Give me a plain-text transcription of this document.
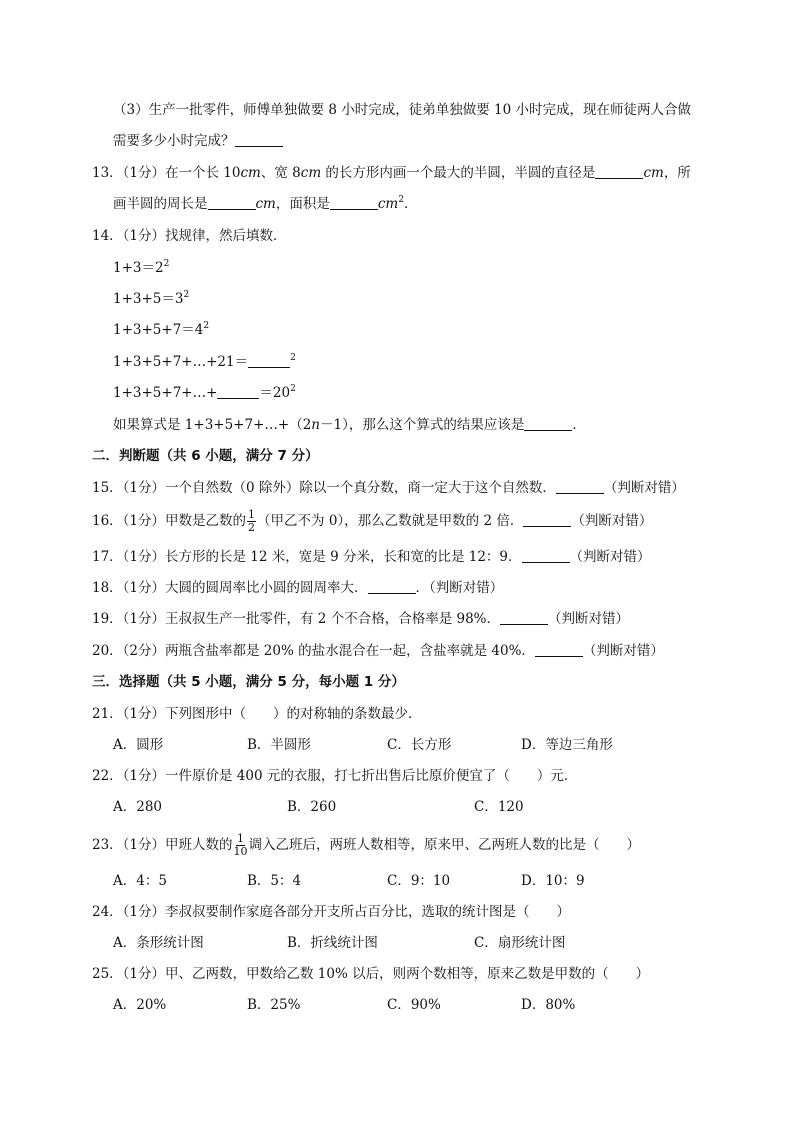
（3）生产一批零件，师傅单独做要 8 小时完成，徒弟单独做要 10 小时完成，现在师徒两人合做
需要多少小时完成？
13．（1分）在一个长 10cm、宽 8cm 的长方形内画一个最大的半圆，半圆的直径是	cm，所
画半圆的周长是	cm，面积是	$cm^2$．
14．（1分）找规律，然后填数．
$1+3=2^2$
$1+3+5=3^2$
$1+3+5+7=4^2$
1+3+5+7+…+21＝	$^2$
1+3+5+7+…+	$=20^2$
如果算式是 1+3+5+7+…+（2n－1），那么这个算式的结果应该是	．
二．判断题（共 6 小题，满分 7 分）
15．（1分）一个自然数（0 除外）除以一个真分数，商一定大于这个自然数．	（判断对错）
16．（1分）甲数是乙数的 $\frac{1}{2}$ （甲乙不为 0），那么乙数就是甲数的 2 倍．	（判断对错）
17．（1分）长方形的长是 12 米，宽是 9 分米，长和宽的比是 12：9．	（判断对错）
18．（1分）大圆的圆周率比小圆的圆周率大．	．（判断对错）
19．（1分）王叔叔生产一批零件，有 2 个不合格，合格率是 98%．	（判断对错）
20．（2分）两瓶含盐率都是 20% 的盐水混合在一起，含盐率就是 40%．	（判断对错）
三．选择题（共 5 小题，满分 5 分，每小题 1 分）
21．（1分）下列图形中（　　）的对称轴的条数最少．
A．圆形	B．半圆形	C．长方形	D．等边三角形
22．（1分）一件原价是 400 元的衣服，打七折出售后比原价便宜了（　　）元．
A．280	B．260	C．120
23．（1分）甲班人数的 $\frac{1}{10}$ 调入乙班后，两班人数相等，原来甲、乙两班人数的比是（　　）
A．4：5	B．5：4	C．9：10	D．10：9
24．（1分）李叔叔要制作家庭各部分开支所占百分比，选取的统计图是（　　）
A．条形统计图	B．折线统计图	C．扇形统计图
25．（1分）甲、乙两数，甲数给乙数 10% 以后，则两个数相等，原来乙数是甲数的（　　）
A．20%	B．25%	C．90%	D．80%
